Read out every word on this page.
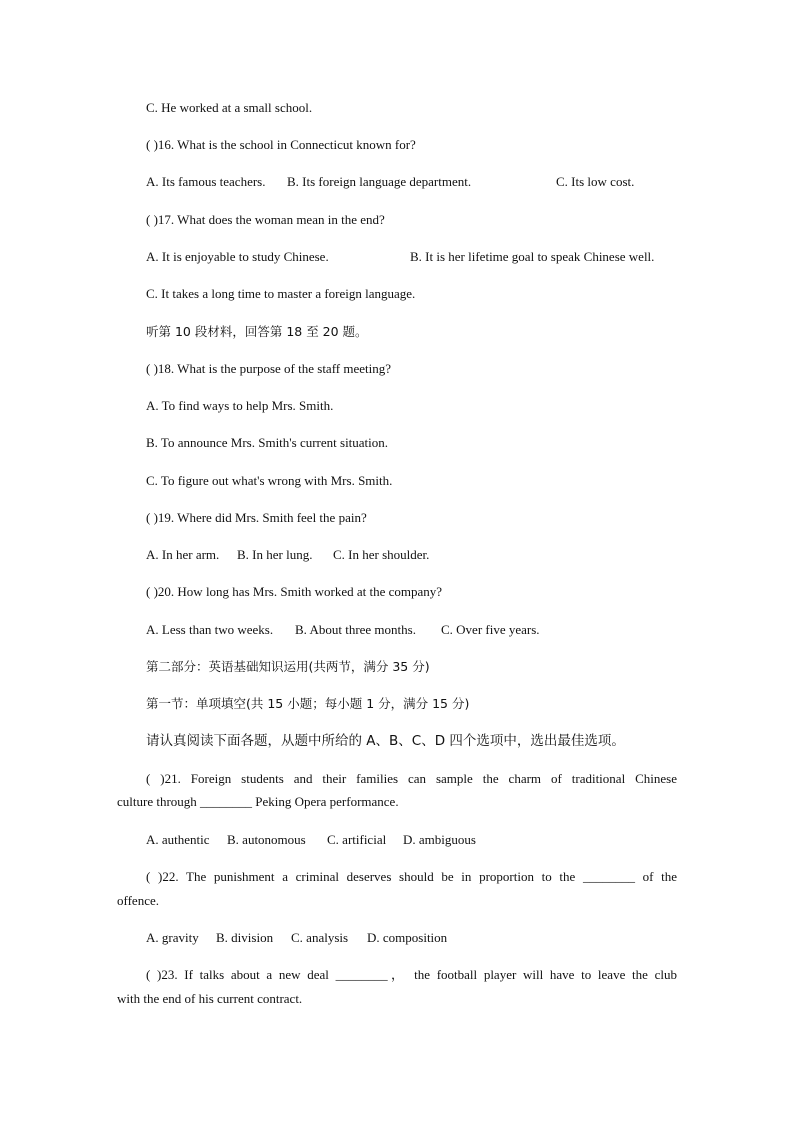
C. He worked at a small school.
( )16. What is the school in Connecticut known for?
A. Its famous teachers. B. Its foreign language department.	C. Its low cost.
( )17. What does the woman mean in the end?
A. It is enjoyable to study Chinese.	B. It is her lifetime goal to speak Chinese well.
C. It takes a long time to master a foreign language.
听第 10 段材料，回答第 18 至 20 题。
( )18. What is the purpose of the staff meeting?
A. To find ways to help Mrs. Smith.
B. To announce Mrs. Smith's current situation.
C. To figure out what's wrong with Mrs. Smith.
( )19. Where did Mrs. Smith feel the pain?
A. In her arm. B. In her lung. C. In her shoulder.
( )20. How long has Mrs. Smith worked at the company?
A. Less than two weeks. B. About three months. C. Over five years.
第二部分：英语基础知识运用(共两节，满分 35 分)
第一节：单项填空(共 15 小题；每小题 1 分，满分 15 分)
请认真阅读下面各题，从题中所给的 A、B、C、D 四个选项中，选出最佳选项。
( )21. Foreign students and their families can sample the charm of traditional Chinese
culture through ________ Peking Opera performance.
A. authentic B. autonomous C. artificial D. ambiguous
( )22. The punishment a criminal deserves should be in proportion to the ________ of the
offence.
A. gravity B. division C. analysis D. composition
( )23. If talks about a new deal ________， the football player will have to leave the club
with the end of his current contract.
